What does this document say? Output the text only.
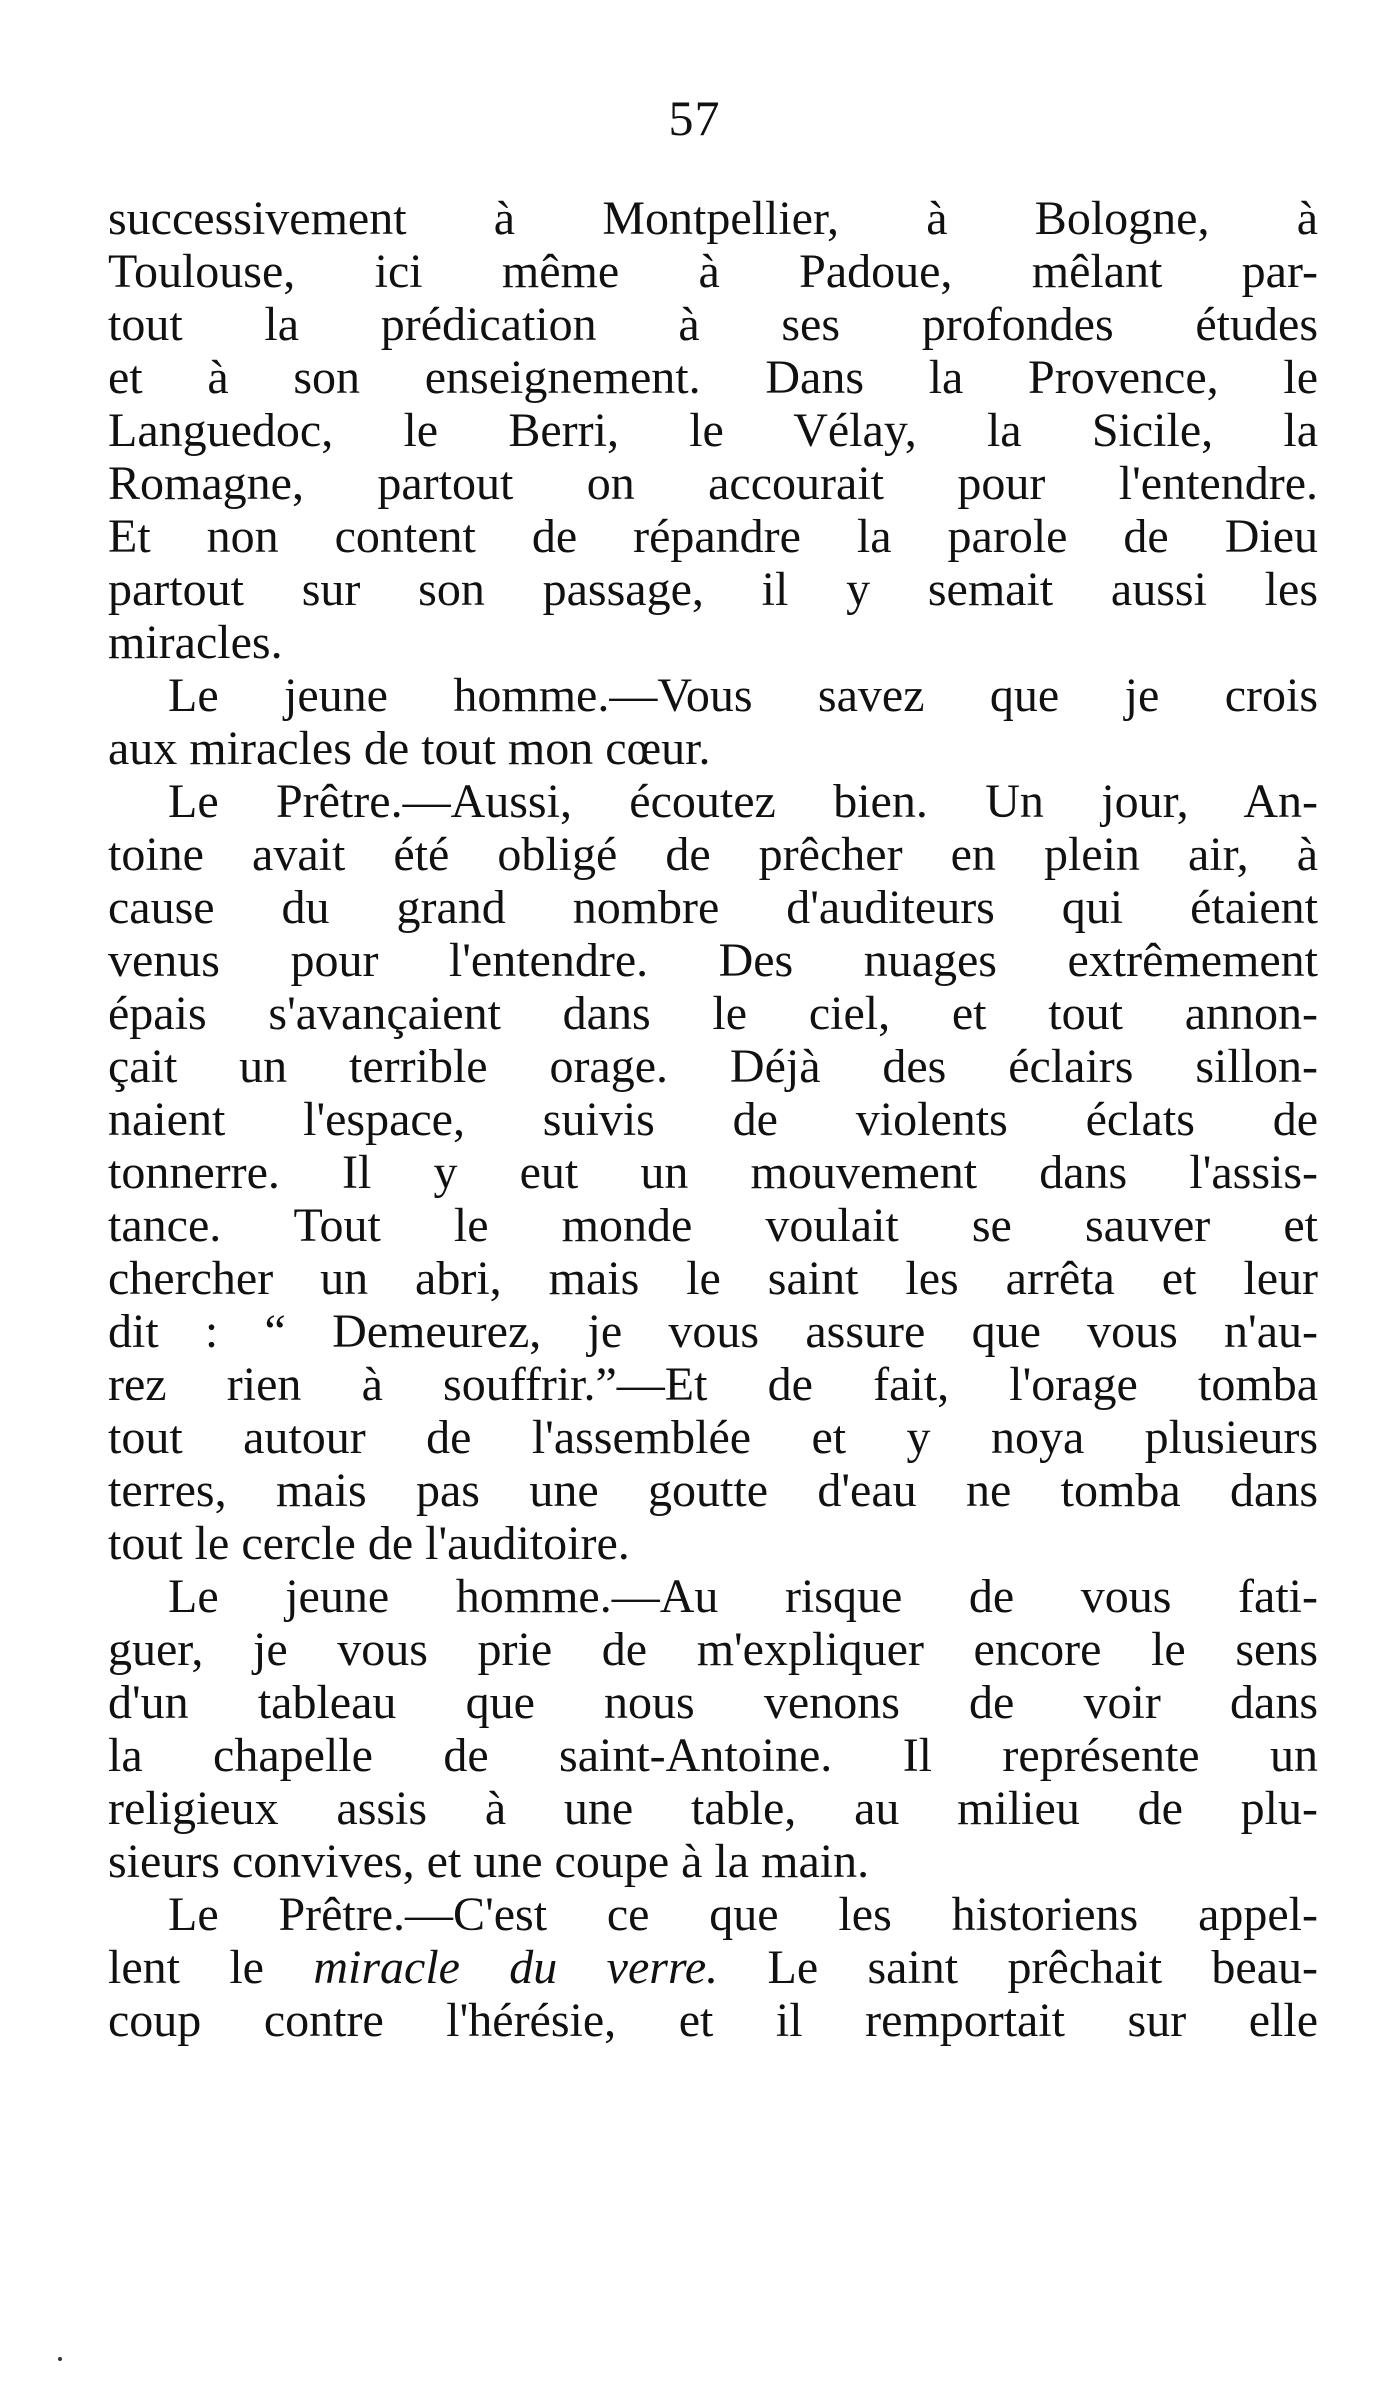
57
successivement à Montpellier, à Bologne, à
Toulouse, ici même à Padoue, mêlant par-
tout la prédication à ses profondes études
et à son enseignement. Dans la Provence, le
Languedoc, le Berri, le Vélay, la Sicile, la
Romagne, partout on accourait pour l'entendre.
Et non content de répandre la parole de Dieu
partout sur son passage, il y semait aussi les
miracles.
Le jeune homme.—Vous savez que je crois
aux miracles de tout mon cœur.
Le Prêtre.—Aussi, écoutez bien. Un jour, An-
toine avait été obligé de prêcher en plein air, à
cause du grand nombre d'auditeurs qui étaient
venus pour l'entendre. Des nuages extrêmement
épais s'avançaient dans le ciel, et tout annon-
çait un terrible orage. Déjà des éclairs sillon-
naient l'espace, suivis de violents éclats de
tonnerre. Il y eut un mouvement dans l'assis-
tance. Tout le monde voulait se sauver et
chercher un abri, mais le saint les arrêta et leur
dit : “ Demeurez, je vous assure que vous n'au-
rez rien à souffrir.”—Et de fait, l'orage tomba
tout autour de l'assemblée et y noya plusieurs
terres, mais pas une goutte d'eau ne tomba dans
tout le cercle de l'auditoire.
Le jeune homme.—Au risque de vous fati-
guer, je vous prie de m'expliquer encore le sens
d'un tableau que nous venons de voir dans
la chapelle de saint-Antoine. Il représente un
religieux assis à une table, au milieu de plu-
sieurs convives, et une coupe à la main.
Le Prêtre.—C'est ce que les historiens appel-
lent le miracle du verre. Le saint prêchait beau-
coup contre l'hérésie, et il remportait sur elle
